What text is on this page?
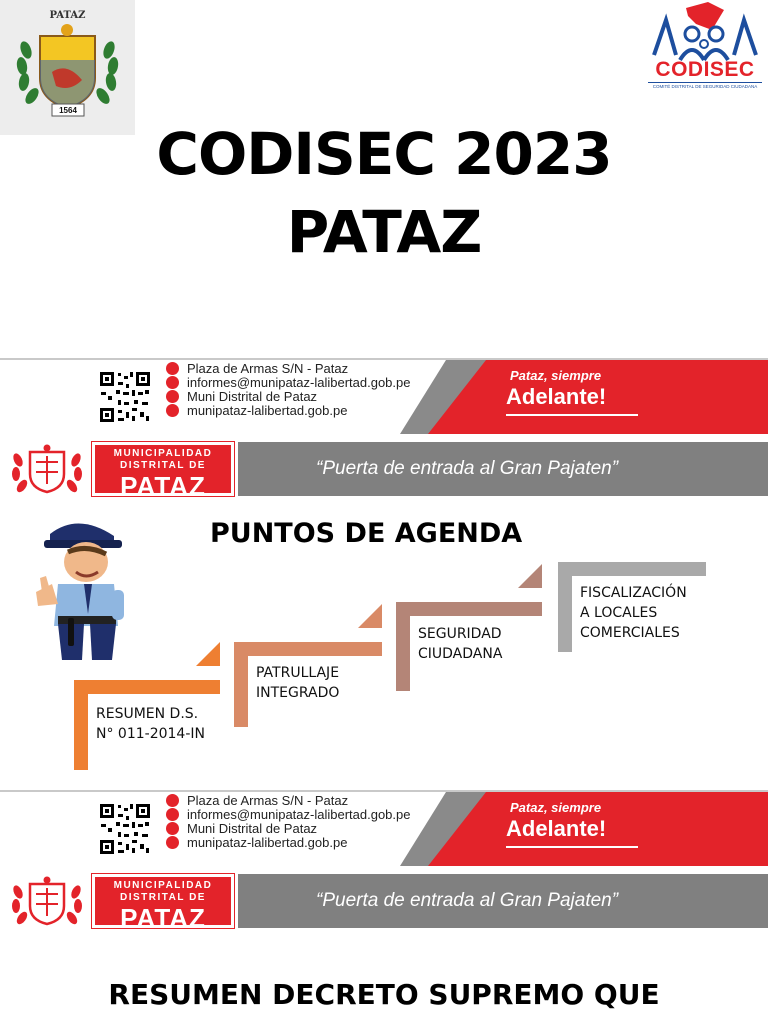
PATAZ
1564
CODISEC
COMITÉ DISTRITAL DE SEGURIDAD CIUDADANA
CODISEC 2023
PATAZ
Plaza de Armas S/N - Pataz
informes@munipataz-lalibertad.gob.pe
Muni Distrital de Pataz
munipataz-lalibertad.gob.pe
Pataz, siempre
Adelante!
MUNICIPALIDAD
DISTRITAL DE
PATAZ
“Puerta de entrada al Gran Pajaten”
PUNTOS DE AGENDA
RESUMEN D.S.
N° 011-2014-IN
PATRULLAJE
INTEGRADO
SEGURIDAD
CIUDADANA
FISCALIZACIÓN
A LOCALES
COMERCIALES
Plaza de Armas S/N - Pataz
informes@munipataz-lalibertad.gob.pe
Muni Distrital de Pataz
munipataz-lalibertad.gob.pe
Pataz, siempre
Adelante!
MUNICIPALIDAD
DISTRITAL DE
PATAZ
“Puerta de entrada al Gran Pajaten”
RESUMEN DECRETO SUPREMO QUE
